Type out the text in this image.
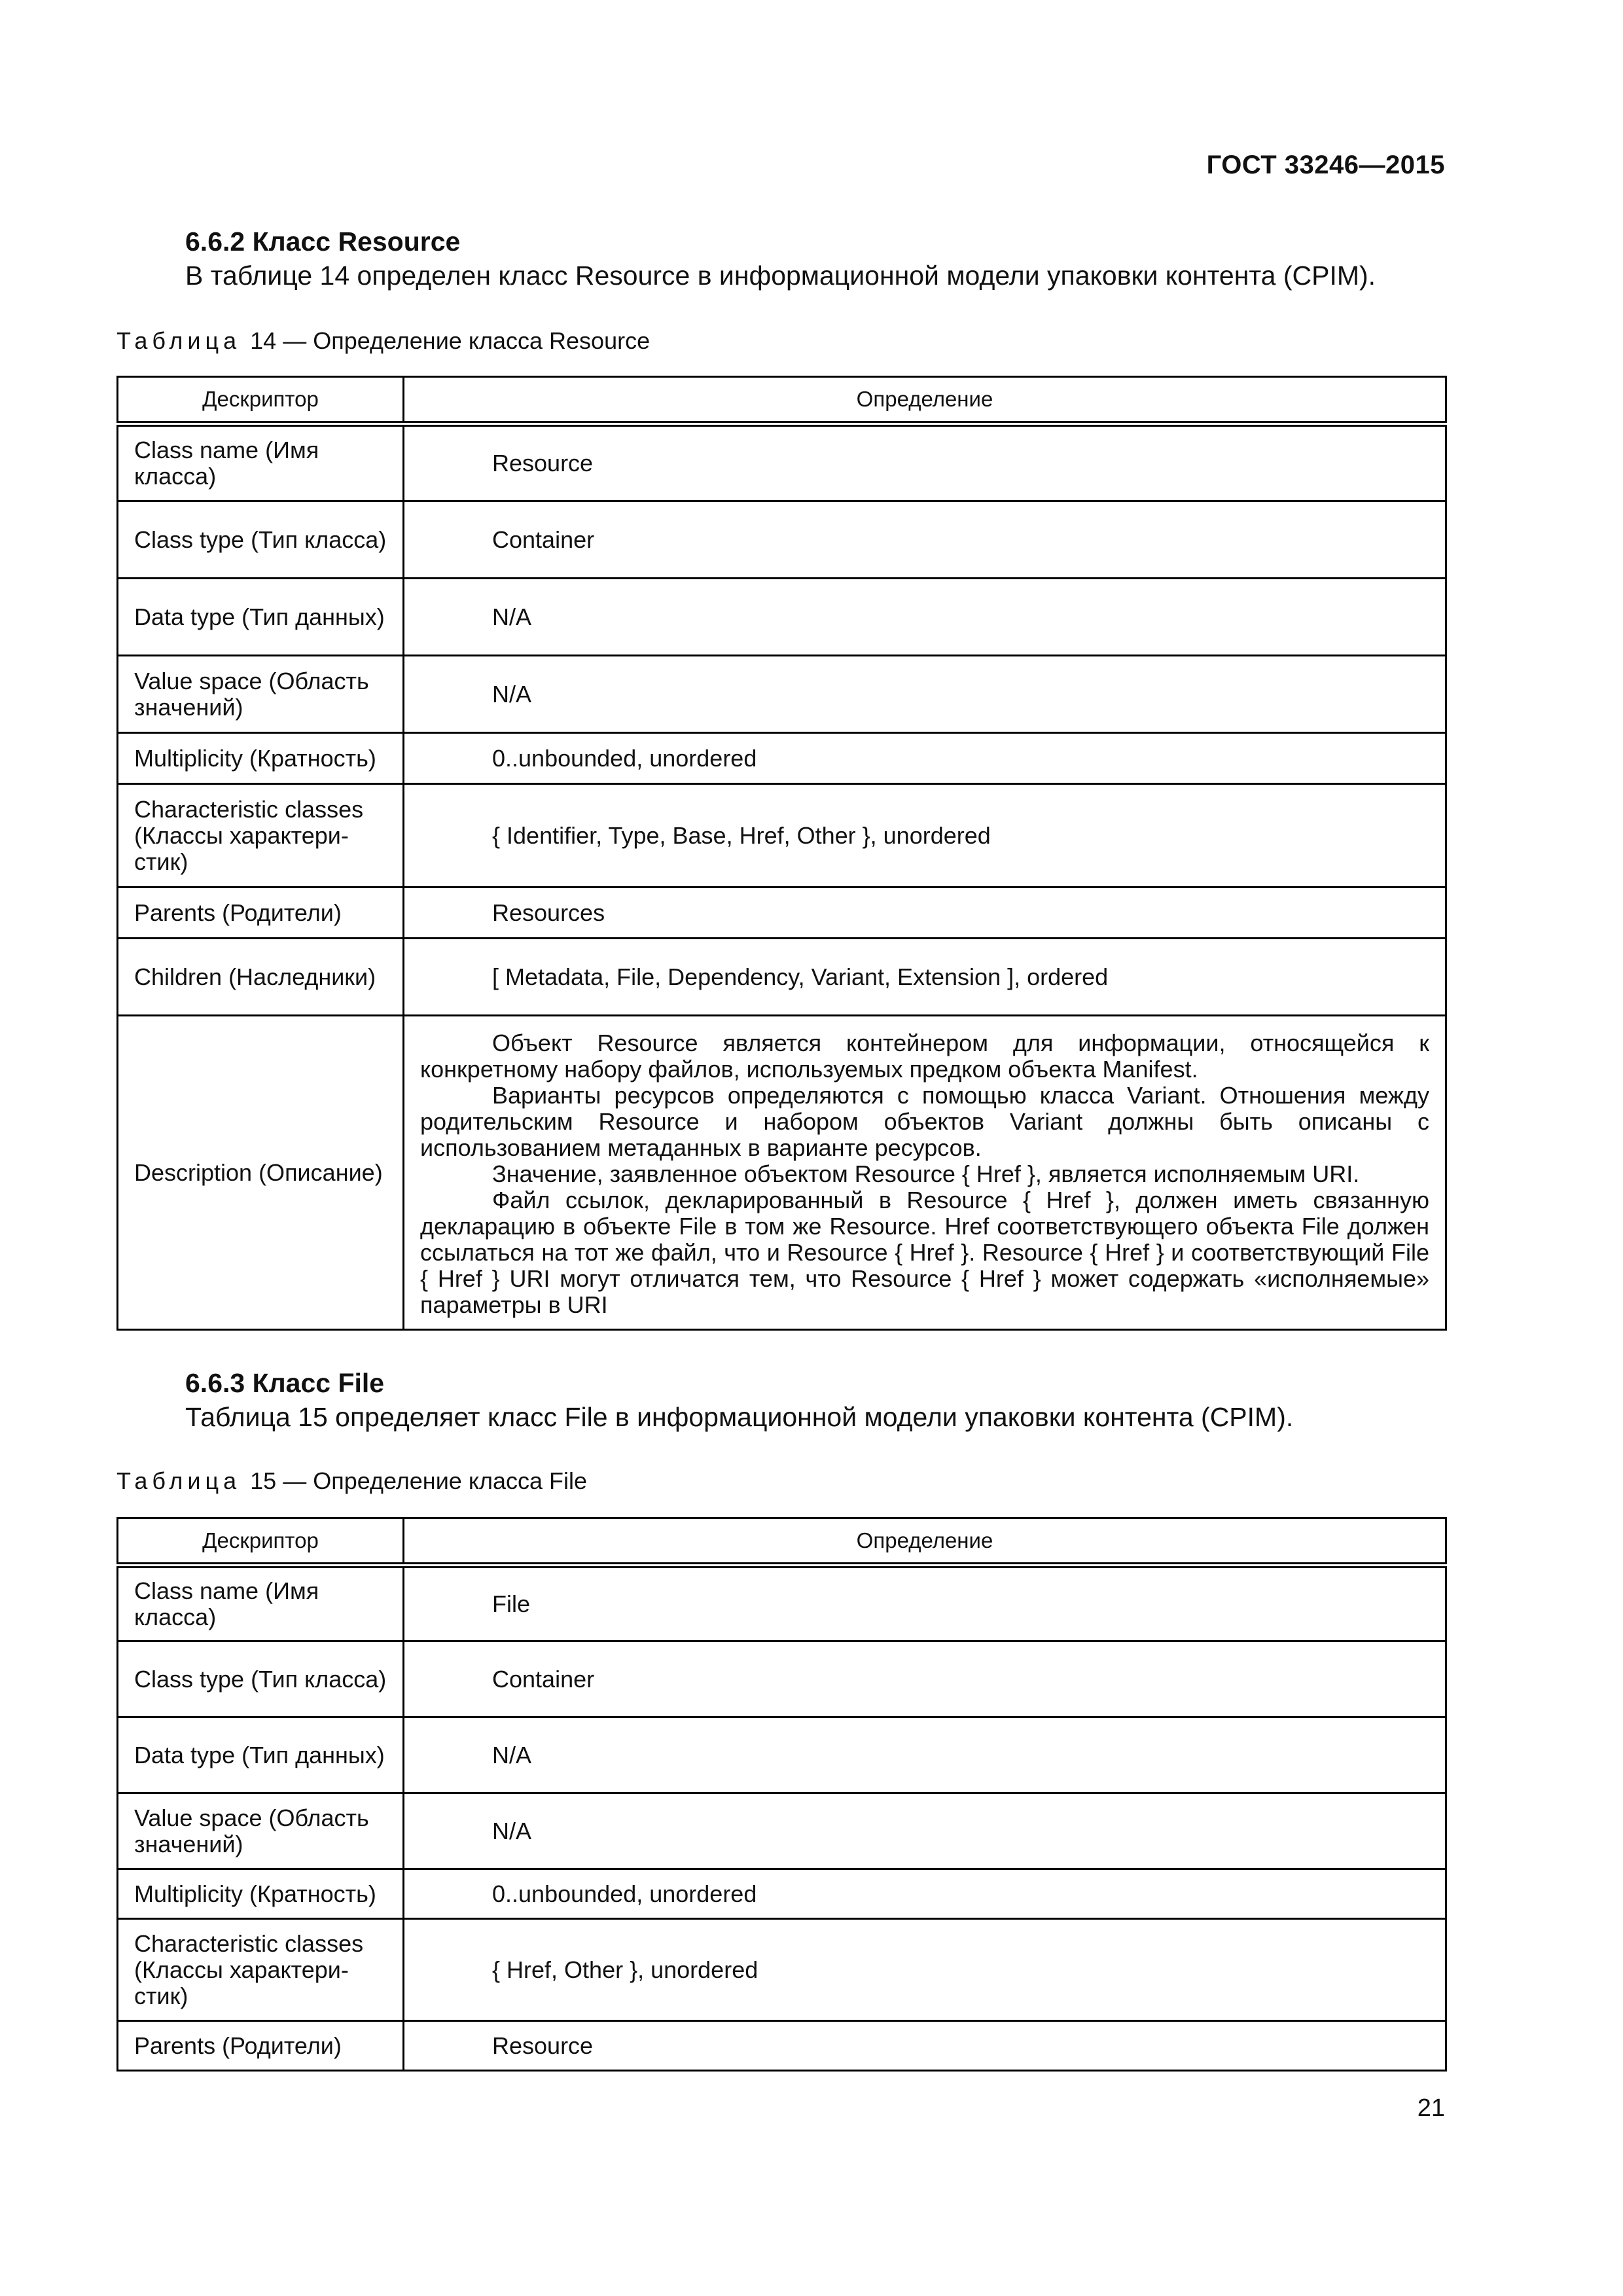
ГОСТ 33246—2015
6.6.2 Класс Resource
В таблице 14 определен класс Resource в информационной модели упаковки контента (CPIM).
Таблица 14 — Определение класса Resource
Дескриптор	Определение
Class name (Имя класса)	Resource
Class type (Тип класса)	Container
Data type (Тип данных)	N/A
Value space (Область значений)	N/A
Multiplicity (Кратность)	0..unbounded, unordered
Characteristic classes (Классы характери-стик)	{ Identifier, Type, Base, Href, Other }, unordered
Parents (Родители)	Resources
Children (Наследники)	[ Metadata, File, Dependency, Variant, Extension ], ordered
Description (Описание)	Объект Resource является контейнером для информации, относящейся к конкретному набору файлов, используемых предком объекта Manifest.
Варианты ресурсов определяются с помощью класса Variant. Отношения между родительским Resource и набором объектов Variant должны быть описаны с использованием метаданных в варианте ресурсов.
Значение, заявленное объектом Resource { Href }, является исполняемым URI.
Файл ссылок, декларированный в Resource { Href }, должен иметь связанную декларацию в объекте File в том же Resource. Href соответствующего объекта File должен ссылаться на тот же файл, что и Resource { Href }. Resource { Href } и соответствующий File { Href } URI могут отличатся тем, что Resource { Href } может содержать «исполняемые» параметры в URI
6.6.3 Класс File
Таблица 15 определяет класс File в информационной модели упаковки контента (CPIM).
Таблица 15 — Определение класса File
Дескриптор	Определение
Class name (Имя класса)	File
Class type (Тип класса)	Container
Data type (Тип данных)	N/A
Value space (Область значений)	N/A
Multiplicity (Кратность)	0..unbounded, unordered
Characteristic classes (Классы характери-стик)	{ Href, Other }, unordered
Parents (Родители)	Resource
21
